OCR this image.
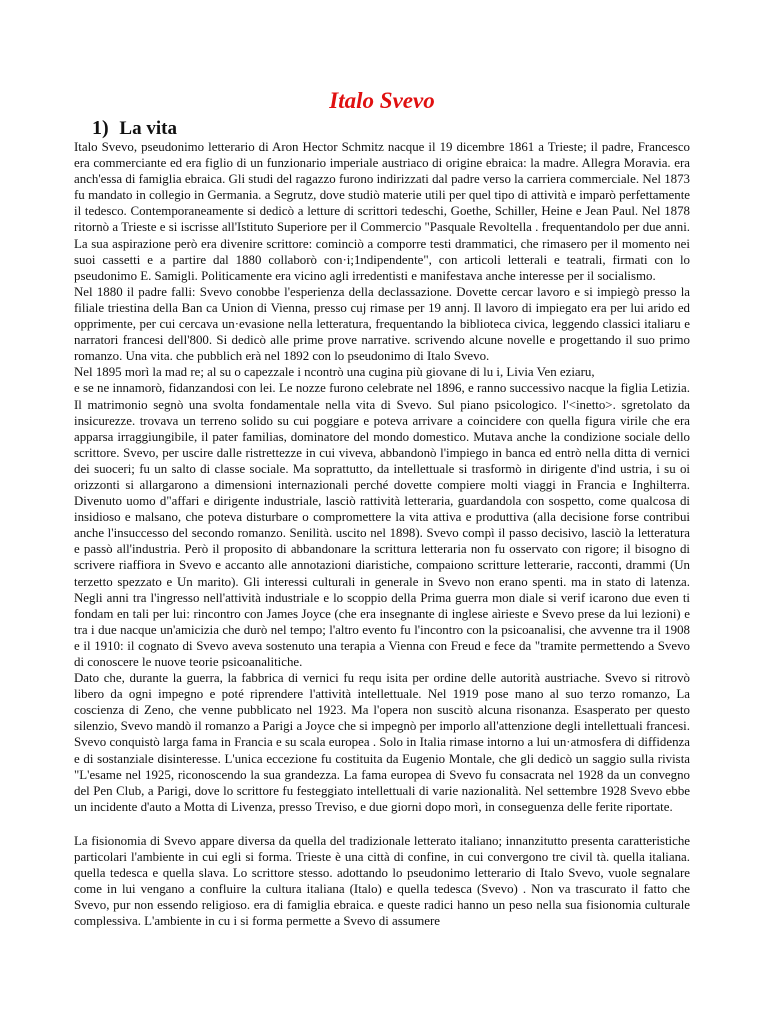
Italo Svevo
1) La vita

Italo Svevo, pseudonimo letterario di Aron Hector Schmitz nacque il 19 dicembre 1861 a Trieste; il padre, Francesco era commerciante ed era figlio di un funzionario imperiale austriaco di origine ebraica: la madre. Allegra Moravia. era anch'essa di famiglia ebraica. Gli studi del ragazzo furono indirizzati dal padre verso la carriera commerciale. Nel 1873 fu mandato in collegio in Germania. a Segrutz, dove studiò materie utili per quel tipo di attività e imparò perfettamente il tedesco. Contemporaneamente si dedicò a letture di scrittori tedeschi, Goethe, Schiller, Heine e Jean Paul. Nel 1878 ritornò a Trieste e si iscrisse all'Istituto Superiore per il Commercio "Pasquale Revoltella . frequentandolo per due anni. La sua aspirazione però era divenire scrittore: cominciò a comporre testi drammatici, che rimasero per il momento nei suoi cassetti e a partire dal 1880 collaborò con·i;1ndipendente", con articoli letterali e teatrali, firmati con lo pseudonimo E. Samigli. Politicamente era vicino agli irredentisti e manifestava anche interesse per il socialismo.

Nel 1880 il padre falli: Svevo conobbe l'esperienza della declassazione. Dovette cercar lavoro e si impiegò presso la filiale triestina della Ban ca Union di Vienna, presso cuj rimase per 19 annj. Il lavoro di impiegato era per lui arido ed opprimente, per cui cercava un·evasione nella letteratura, frequentando la biblioteca civica, leggendo classici italiaru e narratori francesi dell'800. Si dedicò alle prime prove narrative. scrivendo alcune novelle e progettando il suo primo romanzo. Una vita. che pubblich erà nel 1892 con lo pseudonimo di Italo Svevo.

Nel 1895 morì la mad re; al su o capezzale i ncontrò una cugina più giovane di lu i, Livia Ven eziaru,

e se ne innamorò, fidanzandosi con lei. Le nozze furono celebrate nel 1896, e ranno successivo nacque la figlia Letizia. Il matrimonio segnò una svolta fondamentale nella vita di Svevo. Sul piano psicologico. l'<inetto>. sgretolato da insicurezze. trovava un terreno solido su cui poggiare e poteva arrivare a coincidere con quella figura virile che era apparsa irraggiungibile, il pater familias, dominatore del mondo domestico. Mutava anche la condizione sociale dello scrittore. Svevo, per uscire dalle ristrettezze in cui viveva, abbandonò l'impiego in banca ed entrò nella ditta di vernici dei suoceri; fu un salto di classe sociale. Ma soprattutto, da intellettuale si trasformò in dirigente d'ind ustria, i su oi orizzonti si allargarono a dimensioni internazionali perché dovette compiere molti viaggi in Francia e Inghilterra. Divenuto uomo d"affari e dirigente industriale, lasciò rattività letteraria, guardandola con sospetto, come qualcosa di insidioso e malsano, che poteva disturbare o compromettere la vita attiva e produttiva (alla decisione forse contribui anche l'insuccesso del secondo romanzo. Senilità. uscito nel 1898). Svevo compì il passo decisivo, lasciò la letteratura e passò all'industria. Però il proposito di abbandonare la scrittura letteraria non fu osservato con rigore; il bisogno di scrivere riaffiora in Svevo e accanto alle annotazioni diaristiche, compaiono scritture letterarie, racconti, drammi (Un terzetto spezzato e Un marito). Gli interessi culturali in generale in Svevo non erano spenti. ma in stato di latenza. Negli anni tra l'ingresso nell'attività industriale e lo scoppio della Prima guerra mon diale si verif icarono due even ti fondam en tali per lui: rincontro con James Joyce (che era insegnante di inglese aìrieste e Svevo prese da lui lezioni) e tra i due nacque un'amicizia che durò nel tempo; l'altro evento fu l'incontro con la psicoanalisi, che avvenne tra il 1908 e il 1910: il cognato di Svevo aveva sostenuto una terapia a Vienna con Freud e fece da "tramite permettendo a Svevo di conoscere le nuove teorie psicoanalitiche.

Dato che, durante la guerra, la fabbrica di vernici fu requ isita per ordine delle autorità austriache. Svevo si ritrovò libero da ogni impegno e poté riprendere l'attività intellettuale. Nel 1919 pose mano al suo terzo romanzo, La coscienza di Zeno, che venne pubblicato nel 1923. Ma l'opera non suscitò alcuna risonanza. Esasperato per questo silenzio, Svevo mandò il romanzo a Parigi a Joyce che si impegnò per imporlo all'attenzione degli intellettuali francesi. Svevo conquistò larga fama in Francia e su scala europea . Solo in Italia rimase intorno a lui un·atmosfera di diffidenza e di sostanziale disinteresse. L'unica eccezione fu costituita da Eugenio Montale, che gli dedicò un saggio sulla rivista "L'esame nel 1925, riconoscendo la sua grandezza. La fama europea di Svevo fu consacrata nel 1928 da un convegno del Pen Club, a Parigi, dove lo scrittore fu festeggiato intellettuali di varie nazionalità. Nel settembre 1928 Svevo ebbe un incidente d'auto a Motta di Livenza, presso Treviso, e due giorni dopo morì, in conseguenza delle ferite riportate.

La fisionomia di Svevo appare diversa da quella del tradizionale letterato italiano; innanzitutto presenta caratteristiche particolari l'ambiente in cui egli si forma. Trieste è una città di confine, in cui convergono tre civil tà. quella italiana. quella tedesca e quella slava. Lo scrittore stesso. adottando lo pseudonimo letterario di Italo Svevo, vuole segnalare come in lui vengano a confluire la cultura italiana (Italo) e quella tedesca (Svevo) . Non va trascurato il fatto che Svevo, pur non essendo religioso. era di famiglia ebraica. e queste radici hanno un peso nella sua fisionomia culturale complessiva. L'ambiente in cu i si forma permette a Svevo di assumere
